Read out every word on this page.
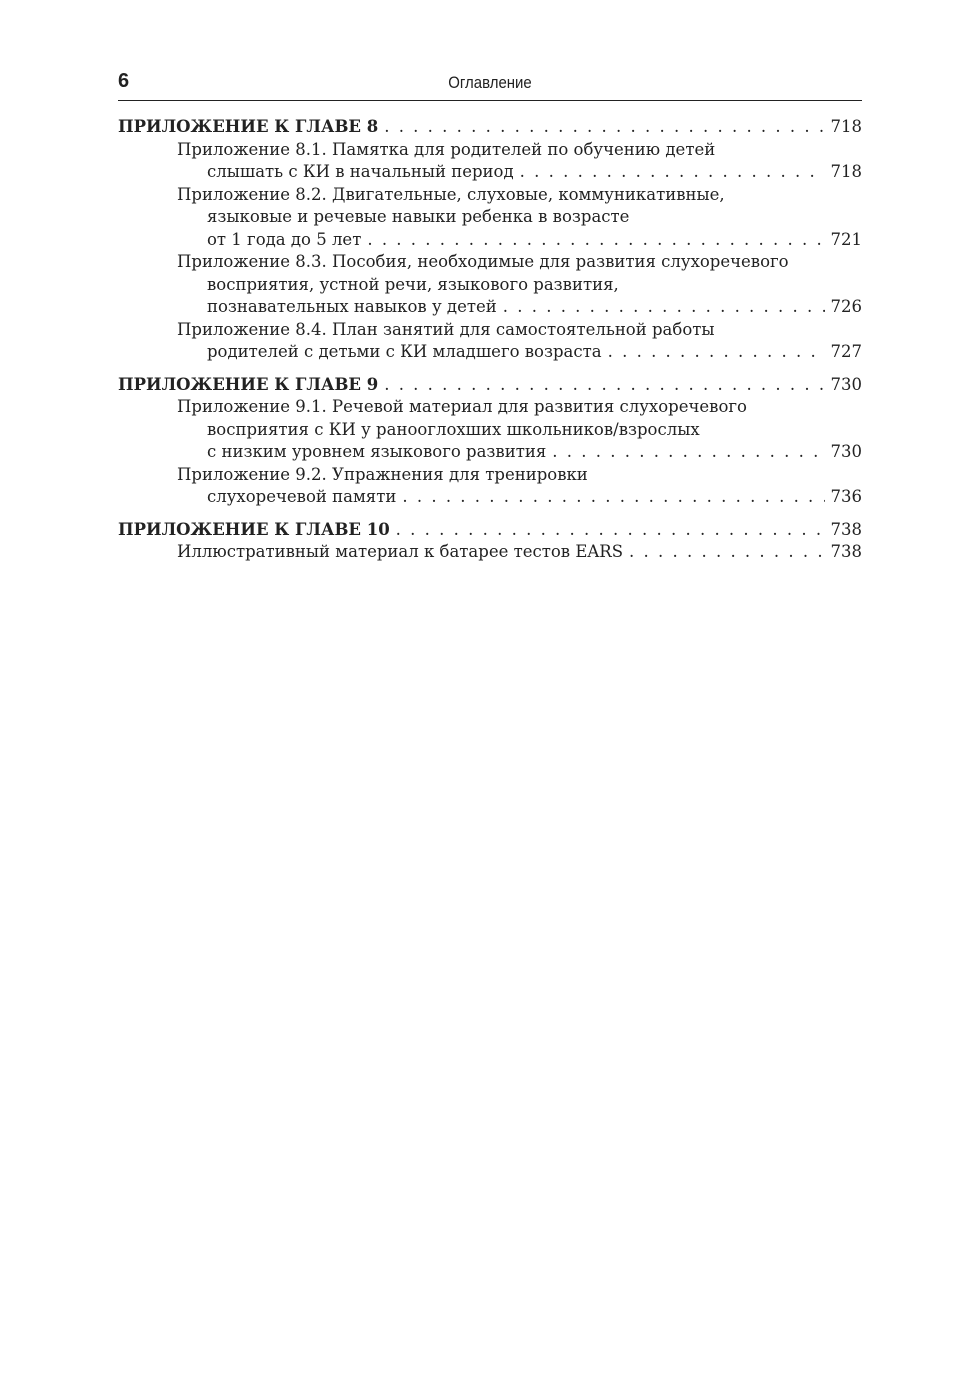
6	Оглавление
ПРИЛОЖЕНИЕ К ГЛАВЕ 8 . . .	718
Приложение 8.1. Памятка для родителей по обучению детей
слышать с КИ в начальный период . . .	718
Приложение 8.2. Двигательные, слуховые, коммуникативные,
языковые и речевые навыки ребенка в возрасте
от 1 года до 5 лет . . .	721
Приложение 8.3. Пособия, необходимые для развития слухоречевого
восприятия, устной речи, языкового развития,
познавательных навыков у детей . . .	726
Приложение 8.4. План занятий для самостоятельной работы
родителей с детьми с КИ младшего возраста . . .	727
ПРИЛОЖЕНИЕ К ГЛАВЕ 9 . . .	730
Приложение 9.1. Речевой материал для развития слухоречевого
восприятия с КИ у ранооглохших школьников/взрослых
с низким уровнем языкового развития . . .	730
Приложение 9.2. Упражнения для тренировки
слухоречевой памяти . . .	736
ПРИЛОЖЕНИЕ К ГЛАВЕ 10 . . .	738
Иллюстративный материал к батарее тестов EARS . . .	738
